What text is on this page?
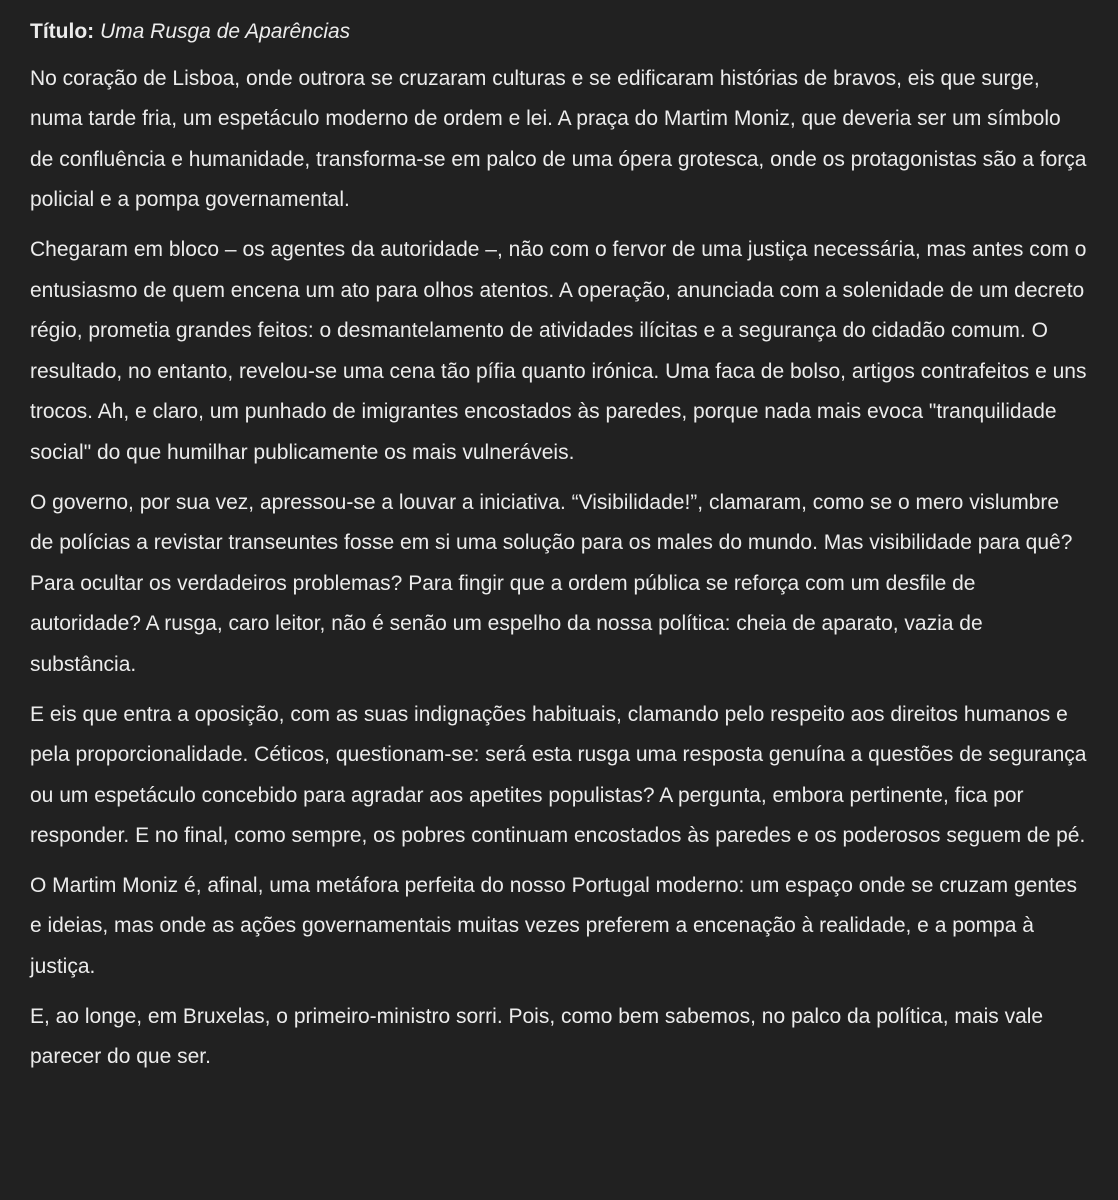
Título: Uma Rusga de Aparências

No coração de Lisboa, onde outrora se cruzaram culturas e se edificaram histórias de bravos, eis que surge, numa tarde fria, um espetáculo moderno de ordem e lei. A praça do Martim Moniz, que deveria ser um símbolo de confluência e humanidade, transforma-se em palco de uma ópera grotesca, onde os protagonistas são a força policial e a pompa governamental.

Chegaram em bloco – os agentes da autoridade –, não com o fervor de uma justiça necessária, mas antes com o entusiasmo de quem encena um ato para olhos atentos. A operação, anunciada com a solenidade de um decreto régio, prometia grandes feitos: o desmantelamento de atividades ilícitas e a segurança do cidadão comum. O resultado, no entanto, revelou-se uma cena tão pífia quanto irónica. Uma faca de bolso, artigos contrafeitos e uns trocos. Ah, e claro, um punhado de imigrantes encostados às paredes, porque nada mais evoca "tranquilidade social" do que humilhar publicamente os mais vulneráveis.

O governo, por sua vez, apressou-se a louvar a iniciativa. “Visibilidade!”, clamaram, como se o mero vislumbre de polícias a revistar transeuntes fosse em si uma solução para os males do mundo. Mas visibilidade para quê? Para ocultar os verdadeiros problemas? Para fingir que a ordem pública se reforça com um desfile de autoridade? A rusga, caro leitor, não é senão um espelho da nossa política: cheia de aparato, vazia de substância.

E eis que entra a oposição, com as suas indignações habituais, clamando pelo respeito aos direitos humanos e pela proporcionalidade. Céticos, questionam-se: será esta rusga uma resposta genuína a questões de segurança ou um espetáculo concebido para agradar aos apetites populistas? A pergunta, embora pertinente, fica por responder. E no final, como sempre, os pobres continuam encostados às paredes e os poderosos seguem de pé.

O Martim Moniz é, afinal, uma metáfora perfeita do nosso Portugal moderno: um espaço onde se cruzam gentes e ideias, mas onde as ações governamentais muitas vezes preferem a encenação à realidade, e a pompa à justiça.

E, ao longe, em Bruxelas, o primeiro-ministro sorri. Pois, como bem sabemos, no palco da política, mais vale parecer do que ser.
